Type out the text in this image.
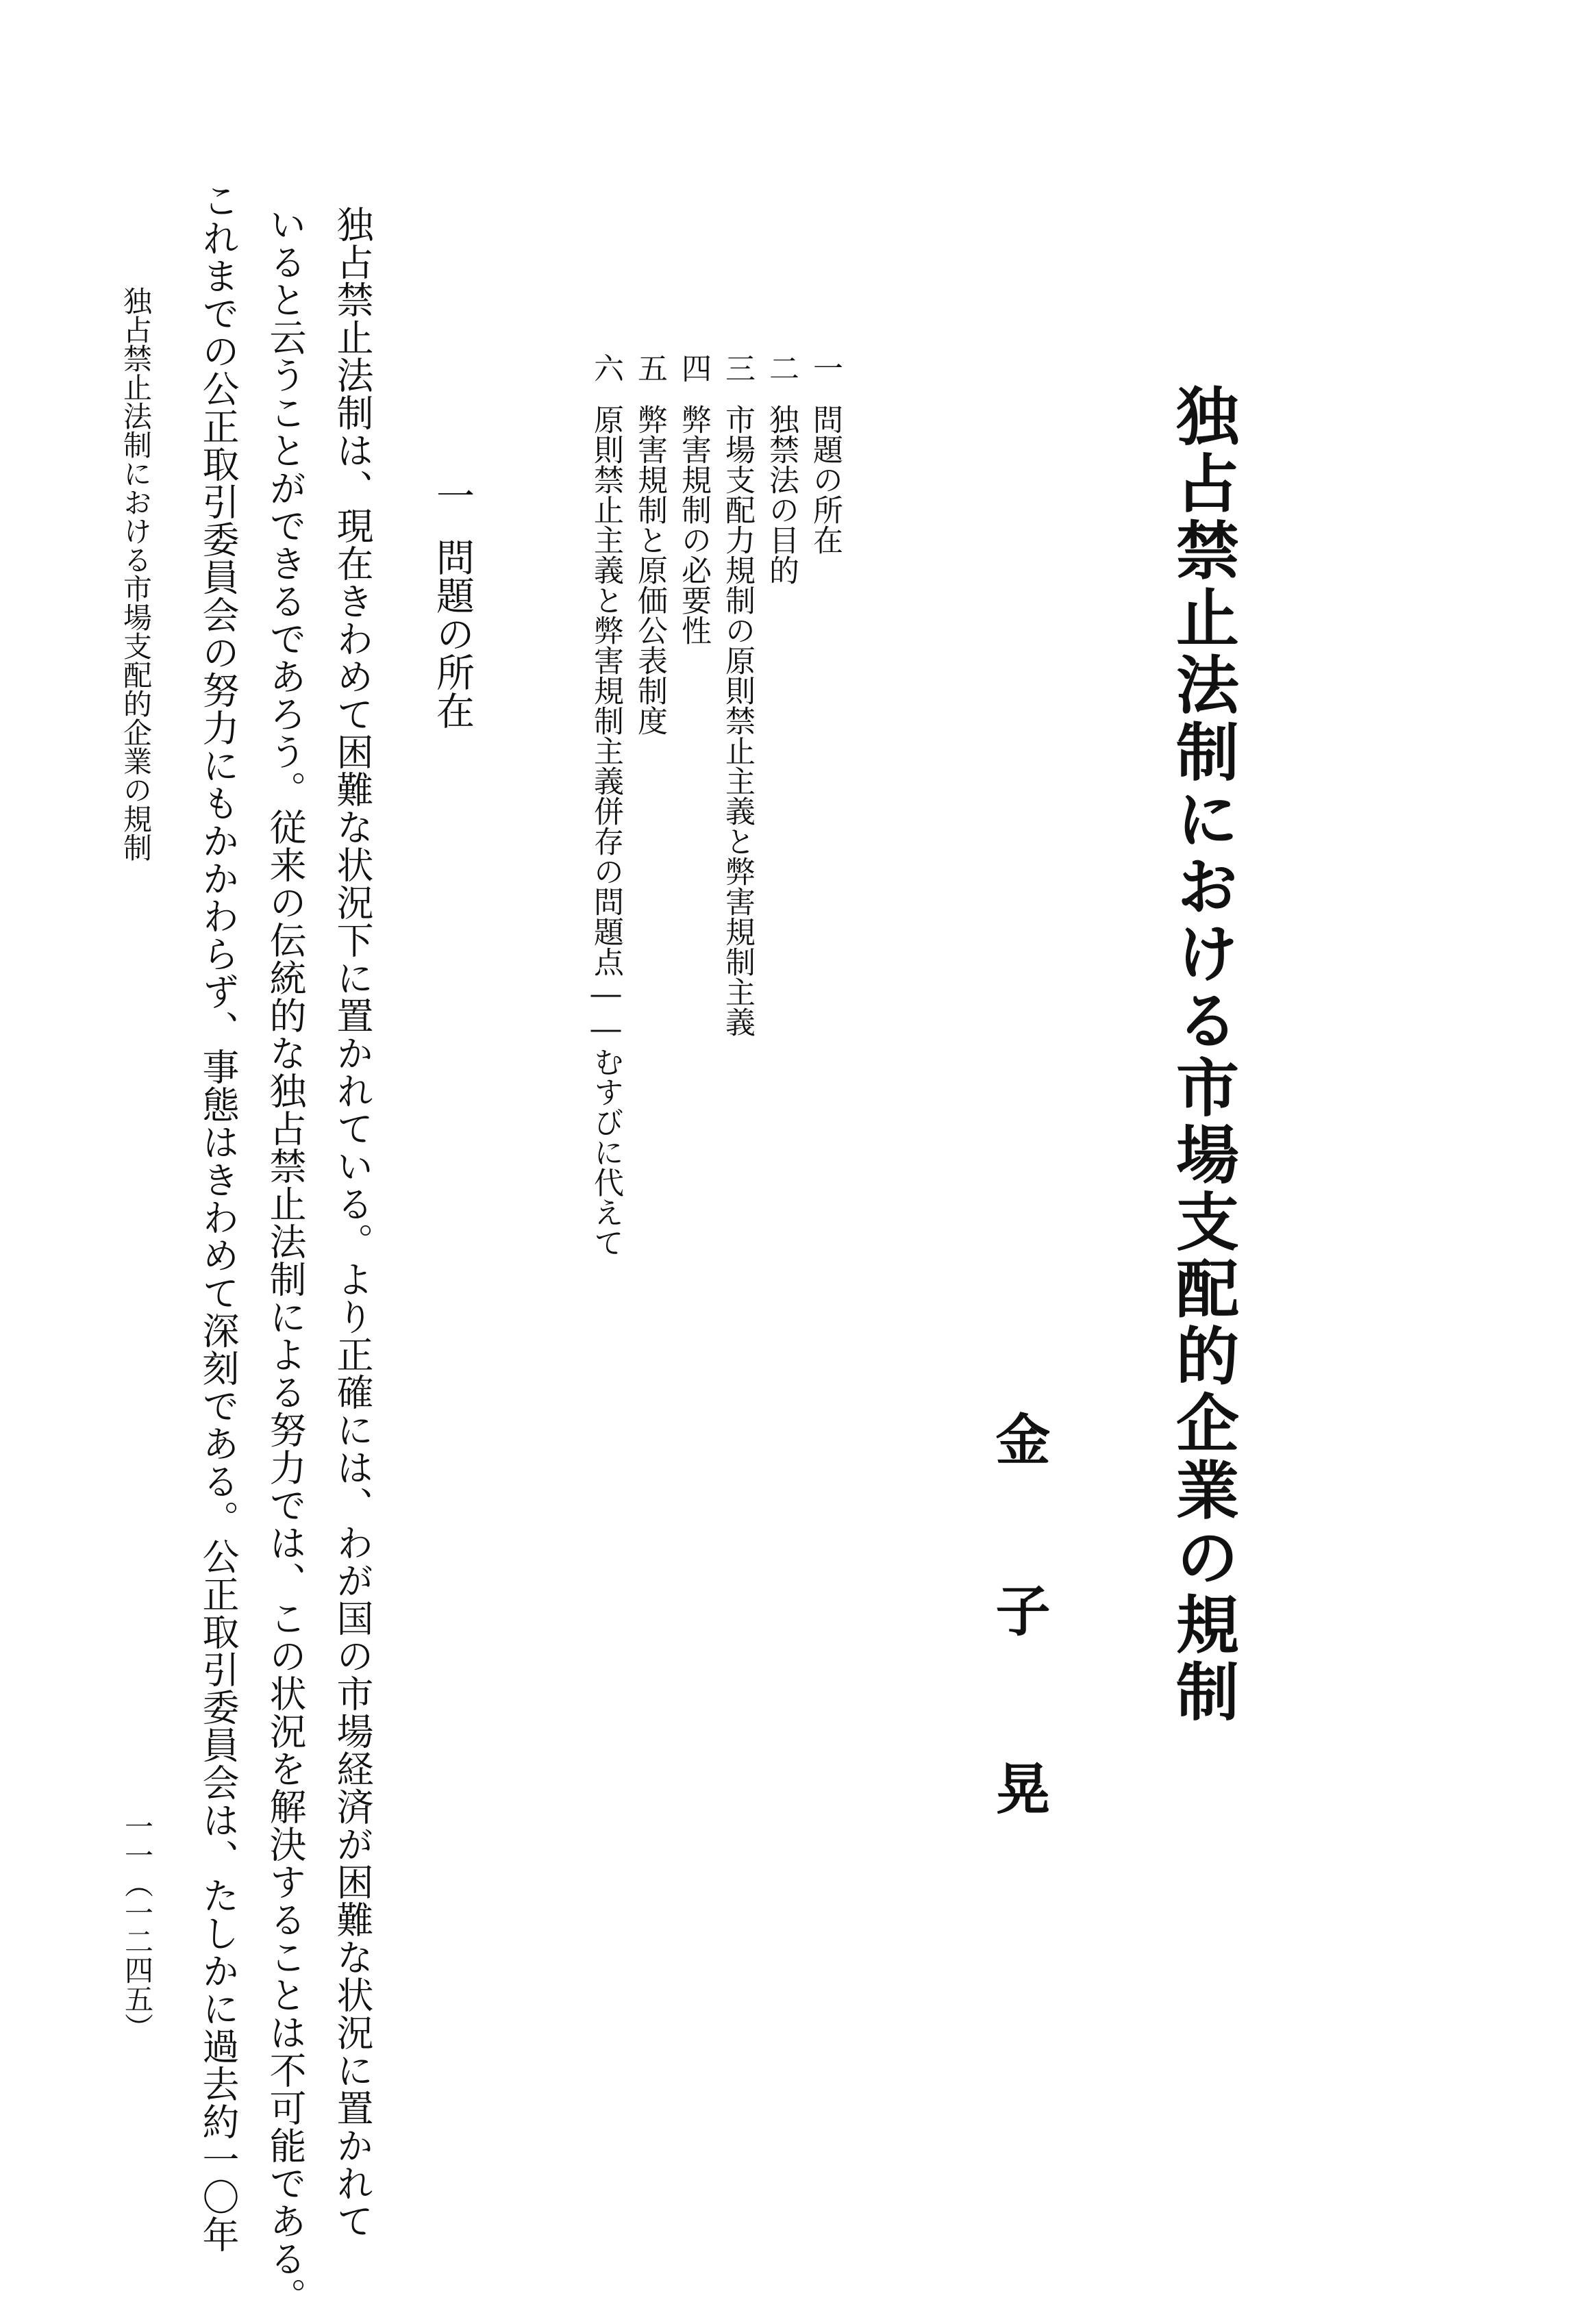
独占禁止法制における市場支配的企業の規制
金
子
晃
一
問題の所在
二
独禁法の目的
三
市場支配力規制の原則禁止主義と弊害規制主義
四
弊害規制の必要性
五
弊害規制と原価公表制度
六
原則禁止主義と弊害規制主義併存の問題点――むすびに代えて
一
問題の所在

独占禁止法制は、現在きわめて困難な状況下に置かれている。より正確には、わが国の市場経済が困難な状況に置かれて

いると云うことができるであろう。従来の伝統的な独占禁止法制による努力では、この状況を解決することは不可能である。

これまでの公正取引委員会の努力にもかかわらず、事態はきわめて深刻である。公正取引委員会は、たしかに過去約一〇年

独占禁止法制における市場支配的企業の規制
一一（一二四五）
